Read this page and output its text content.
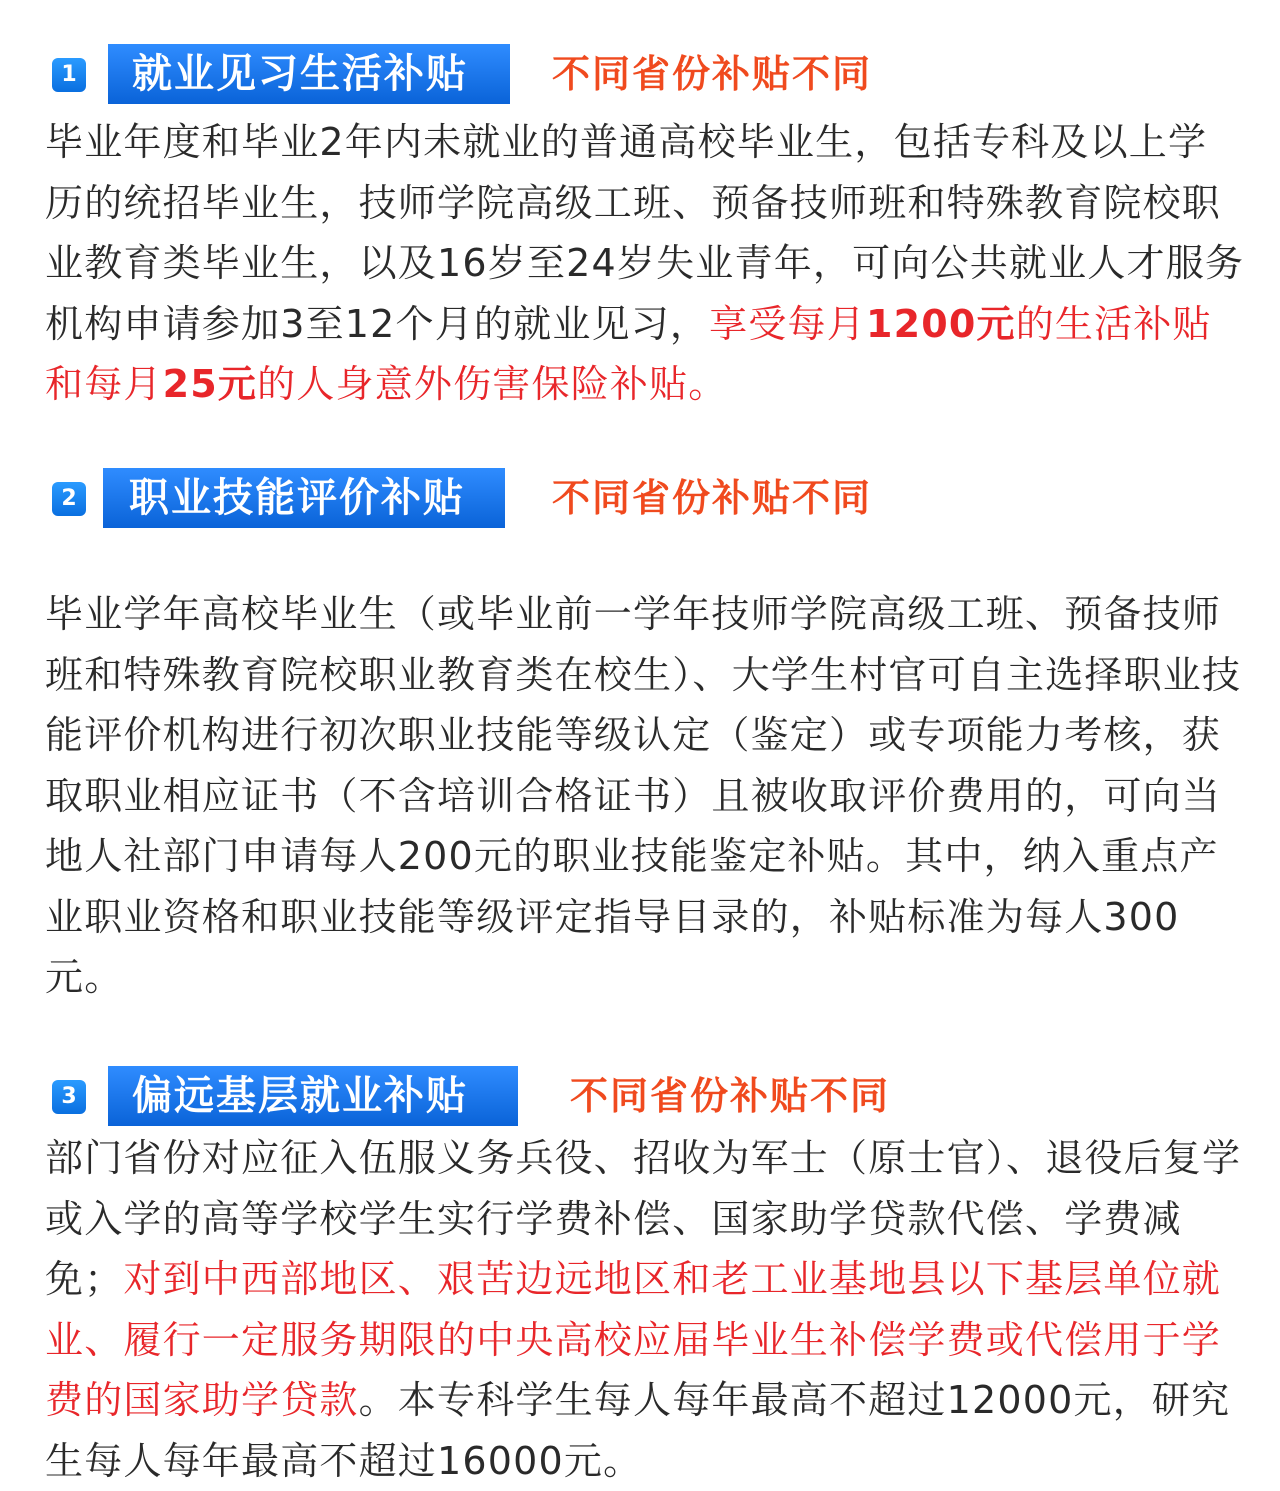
1	就业见习生活补贴	不同省份补贴不同

毕业年度和毕业2年内未就业的普通高校毕业生，包括专科及以上学历的统招毕业生，技师学院高级工班、预备技师班和特殊教育院校职业教育类毕业生，以及16岁至24岁失业青年，可向公共就业人才服务机构申请参加3至12个月的就业见习，享受每月1200元的生活补贴和每月25元的人身意外伤害保险补贴。

2	职业技能评价补贴	不同省份补贴不同

毕业学年高校毕业生（或毕业前一学年技师学院高级工班、预备技师班和特殊教育院校职业教育类在校生）、大学生村官可自主选择职业技能评价机构进行初次职业技能等级认定（鉴定）或专项能力考核，获取职业相应证书（不含培训合格证书）且被收取评价费用的，可向当地人社部门申请每人200元的职业技能鉴定补贴。其中，纳入重点产业职业资格和职业技能等级评定指导目录的，补贴标准为每人300元。

3	偏远基层就业补贴	不同省份补贴不同

部门省份对应征入伍服义务兵役、招收为军士（原士官）、退役后复学或入学的高等学校学生实行学费补偿、国家助学贷款代偿、学费减免；对到中西部地区、艰苦边远地区和老工业基地县以下基层单位就业、履行一定服务期限的中央高校应届毕业生补偿学费或代偿用于学费的国家助学贷款。本专科学生每人每年最高不超过12000元，研究生每人每年最高不超过16000元。
